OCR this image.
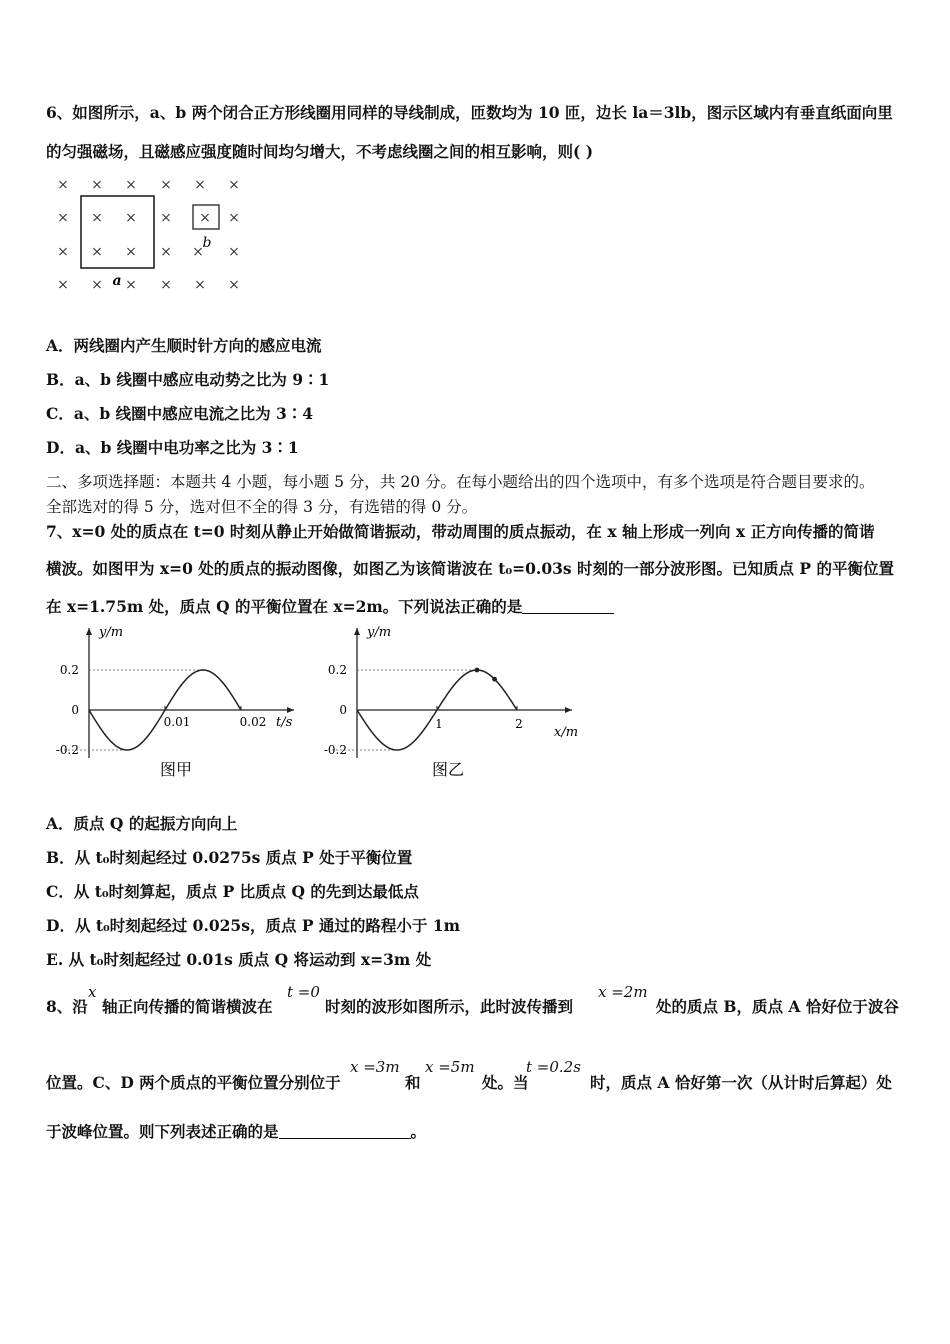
6、如图所示，a、b 两个闭合正方形线圈用同样的导线制成，匝数均为 10 匝，边长 la＝3lb，图示区域内有垂直纸面向里
的匀强磁场，且磁感应强度随时间均匀增大，不考虑线圈之间的相互影响，则( )
× × × × × ×
× × × × × ×
× × × × × ×
× × × × × ×
a
b
A．两线圈内产生顺时针方向的感应电流
B．a、b 线圈中感应电动势之比为 9∶1
C．a、b 线圈中感应电流之比为 3∶4
D．a、b 线圈中电功率之比为 3∶1
二、多项选择题：本题共 4 小题，每小题 5 分，共 20 分。在每小题给出的四个选项中，有多个选项是符合题目要求的。
全部选对的得 5 分，选对但不全的得 3 分，有选错的得 0 分。
7、x=0 处的质点在 t=0 时刻从静止开始做简谐振动，带动周围的质点振动，在 x 轴上形成一列向 x 正方向传播的简谐
横波。如图甲为 x=0 处的质点的振动图像，如图乙为该简谐波在 t₀=0.03s 时刻的一部分波形图。已知质点 P 的平衡位置
在 x=1.75m 处，质点 Q 的平衡位置在 x=2m。下列说法正确的是
0.2
0
-0.2
0.01	0.02
y/m
t/s
图甲
0.2
0
-0.2
1	2
y/m
x/m
图乙
A．质点 Q 的起振方向向上
B．从 t₀时刻起经过 0.0275s 质点 P 处于平衡位置
C．从 t₀时刻算起，质点 P 比质点 Q 的先到达最低点
D．从 t₀时刻起经过 0.025s，质点 P 通过的路程小于 1m
E. 从 t₀时刻起经过 0.01s 质点 Q 将运动到 x=3m 处
8、沿
x
轴正向传播的简谐横波在
t =0
时刻的波形如图所示，此时波传播到
x =2m
处的质点 B，质点 A 恰好位于波谷
位置。C、D 两个质点的平衡位置分别位于
x =3m
和
x =5m
处。当
t =0.2s
时，质点 A 恰好第一次（从计时后算起）处
于波峰位置。则下列表述正确的是	。
